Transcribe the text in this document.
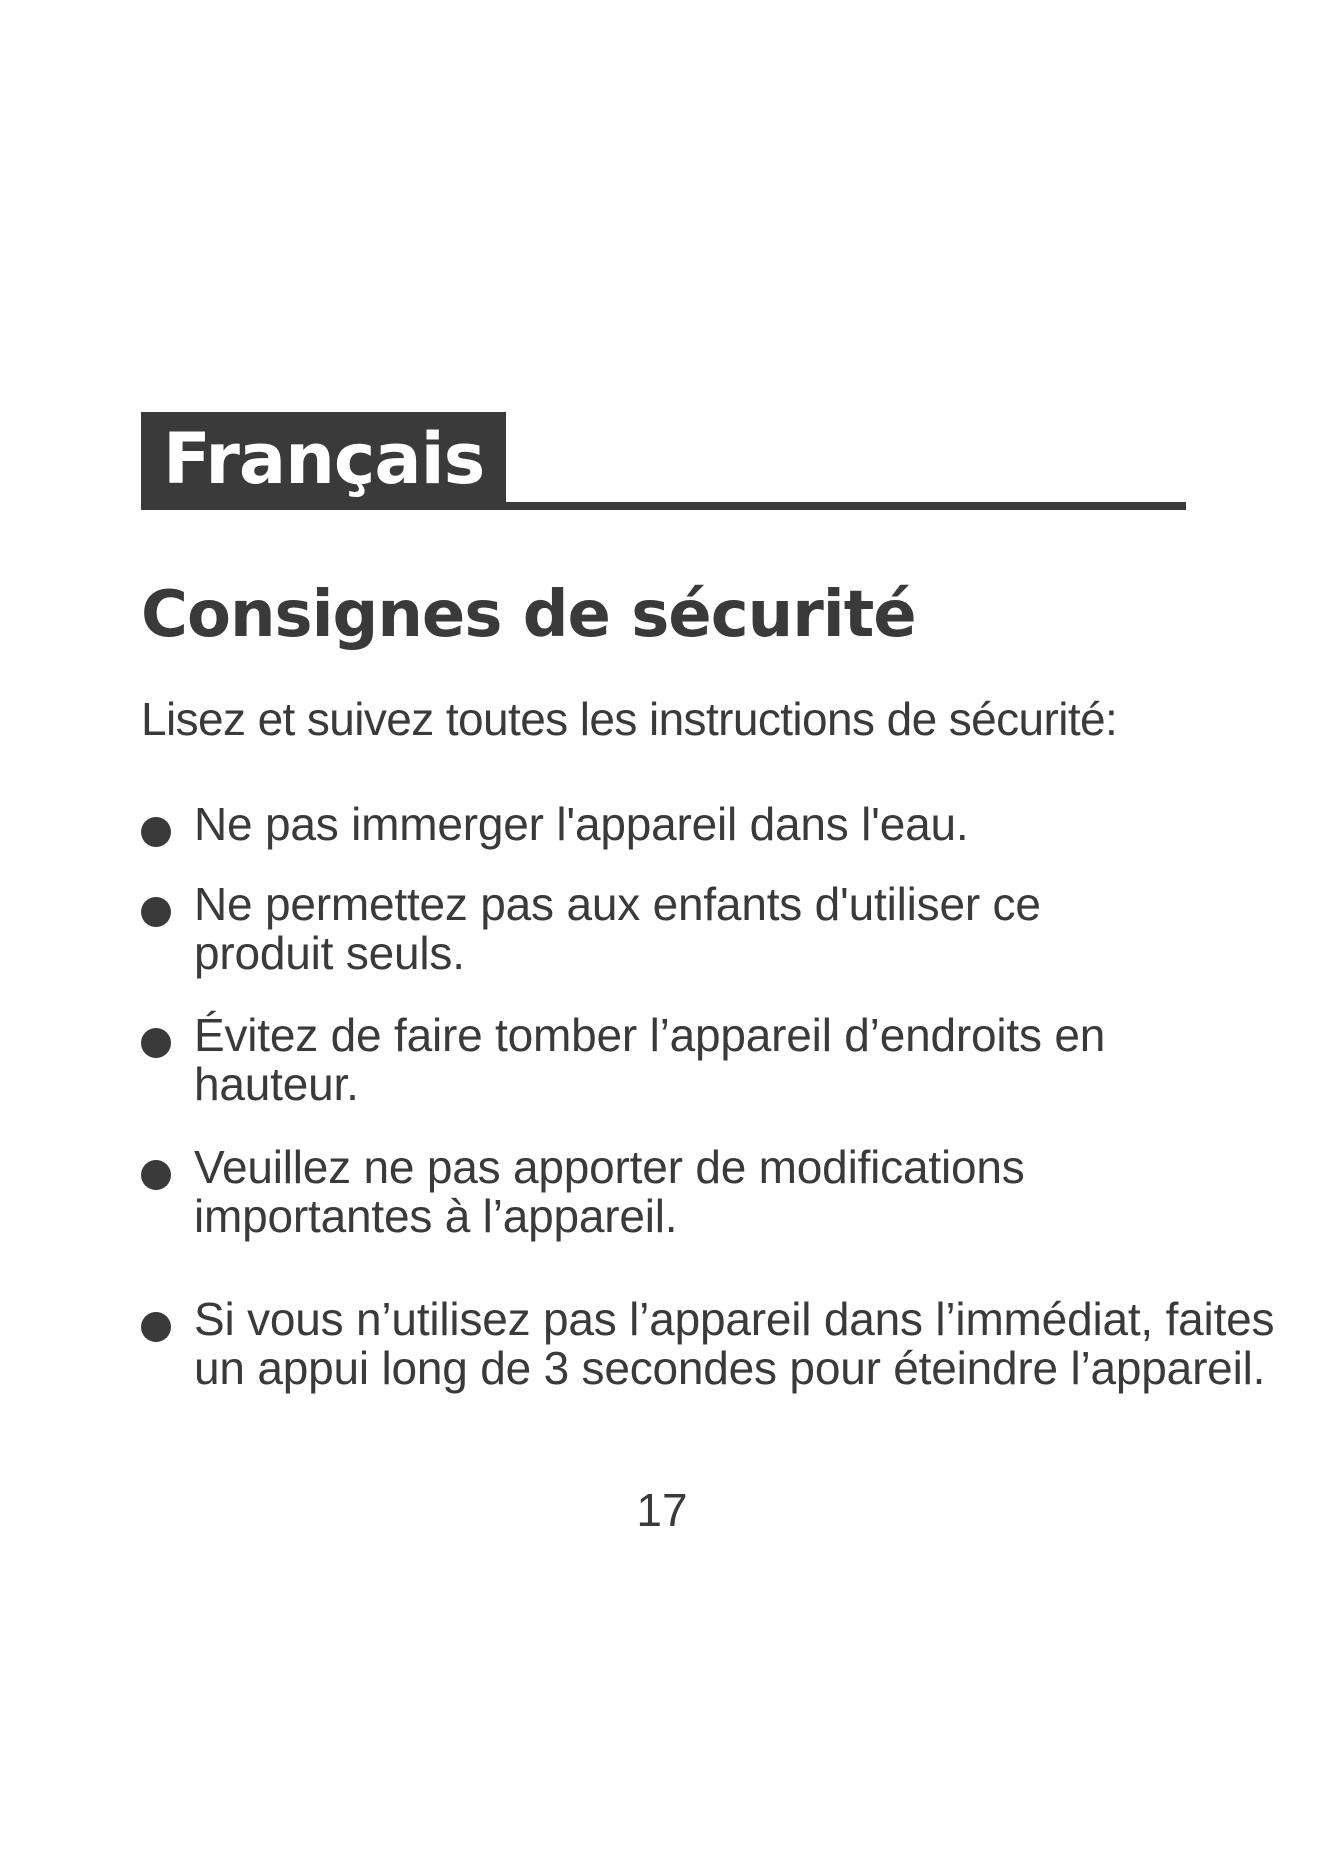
Français
Consignes de sécurité

Lisez et suivez toutes les instructions de sécurité:

Ne pas immerger l'appareil dans l'eau.
Ne permettez pas aux enfants d'utiliser ce produit seuls.
Évitez de faire tomber l’appareil d’endroits en hauteur.
Veuillez ne pas apporter de modifications importantes à l’appareil.
Si vous n’utilisez pas l’appareil dans l’immédiat, faites un appui long de 3 secondes pour éteindre l’appareil.
17
